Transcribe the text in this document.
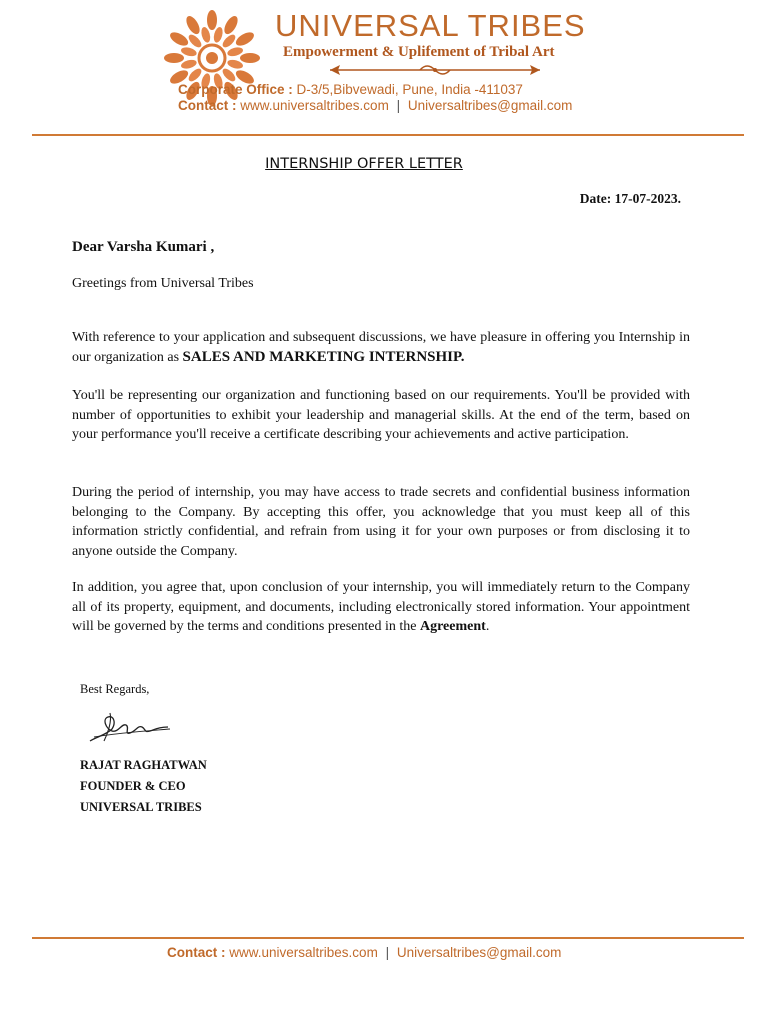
UNIVERSAL TRIBES
Empowerment & Uplifement of Tribal Art
Corporate Office : D-3/5,Bibvewadi, Pune, India -411037
Contact : www.universaltribes.com | Universaltribes@gmail.com
INTERNSHIP OFFER LETTER
Date: 17-07-2023.
Dear Varsha Kumari ,
Greetings from Universal Tribes

With reference to your application and subsequent discussions, we have pleasure in offering you Internship in our organization as SALES AND MARKETING INTERNSHIP.

You'll be representing our organization and functioning based on our requirements. You'll be provided with number of opportunities to exhibit your leadership and managerial skills. At the end of the term, based on your performance you'll receive a certificate describing your achievements and active participation.

During the period of internship, you may have access to trade secrets and confidential business information belonging to the Company. By accepting this offer, you acknowledge that you must keep all of this information strictly confidential, and refrain from using it for your own purposes or from disclosing it to anyone outside the Company.

In addition, you agree that, upon conclusion of your internship, you will immediately return to the Company all of its property, equipment, and documents, including electronically stored information. Your appointment will be governed by the terms and conditions presented in the Agreement.

Best Regards,
RAJAT RAGHATWAN
FOUNDER & CEO
UNIVERSAL TRIBES
Contact : www.universaltribes.com | Universaltribes@gmail.com
